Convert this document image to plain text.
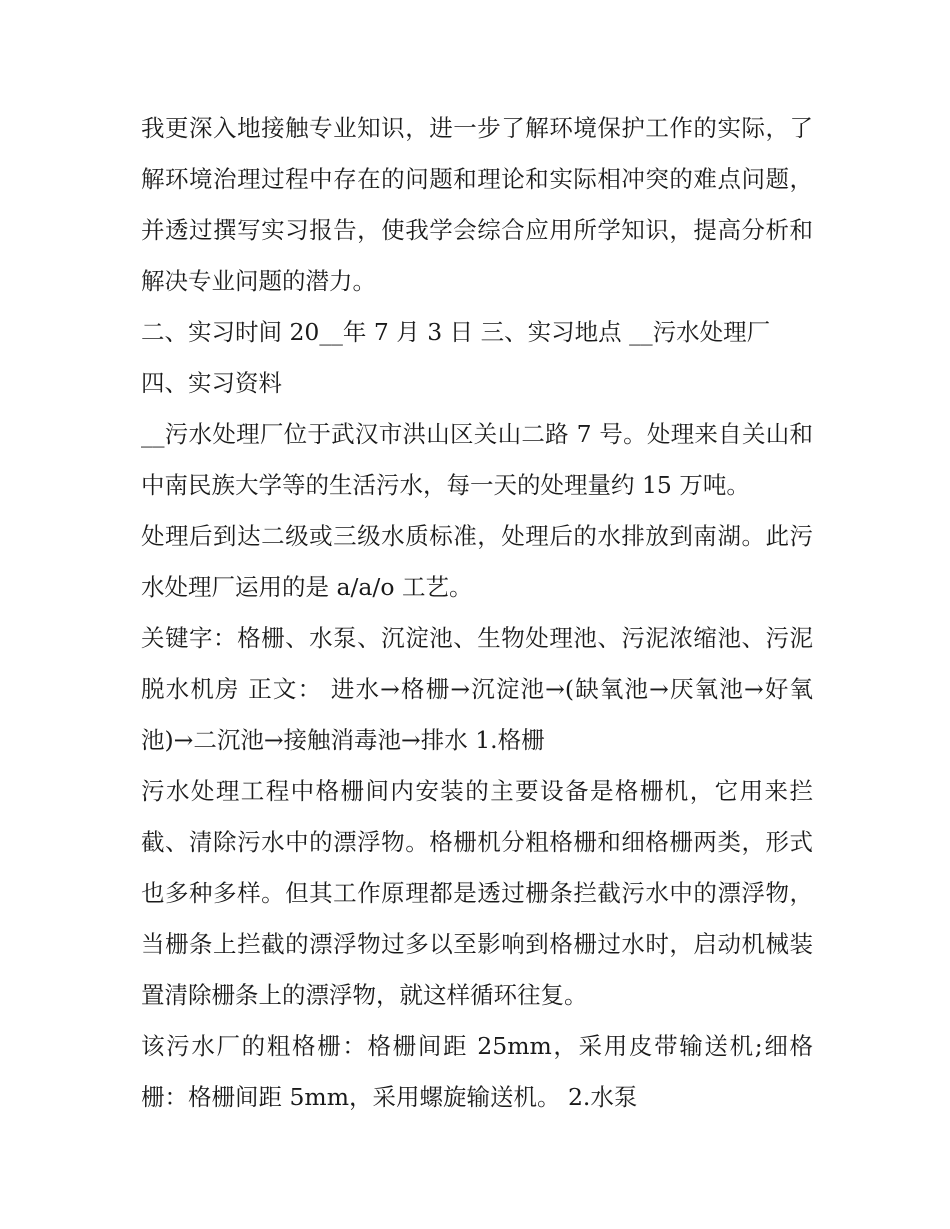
我更深入地接触专业知识，进一步了解环境保护工作的实际，了解环境治理过程中存在的问题和理论和实际相冲突的难点问题，并透过撰写实习报告，使我学会综合应用所学知识，提高分析和解决专业问题的潜力。

二、实习时间 20__年 7 月 3 日 三、实习地点 __污水处理厂

四、实习资料

__污水处理厂位于武汉市洪山区关山二路 7 号。处理来自关山和中南民族大学等的生活污水，每一天的处理量约 15 万吨。

处理后到达二级或三级水质标准，处理后的水排放到南湖。此污水处理厂运用的是 a/a/o 工艺。

关键字：格栅、水泵、沉淀池、生物处理池、污泥浓缩池、污泥脱水机房 正文： 进水→格栅→沉淀池→(缺氧池→厌氧池→好氧池)→二沉池→接触消毒池→排水 1.格栅

污水处理工程中格栅间内安装的主要设备是格栅机，它用来拦截、清除污水中的漂浮物。格栅机分粗格栅和细格栅两类，形式也多种多样。但其工作原理都是透过栅条拦截污水中的漂浮物，当栅条上拦截的漂浮物过多以至影响到格栅过水时，启动机械装置清除栅条上的漂浮物，就这样循环往复。

该污水厂的粗格栅：格栅间距 25mm，采用皮带输送机;细格栅：格栅间距 5mm，采用螺旋输送机。 2.水泵
